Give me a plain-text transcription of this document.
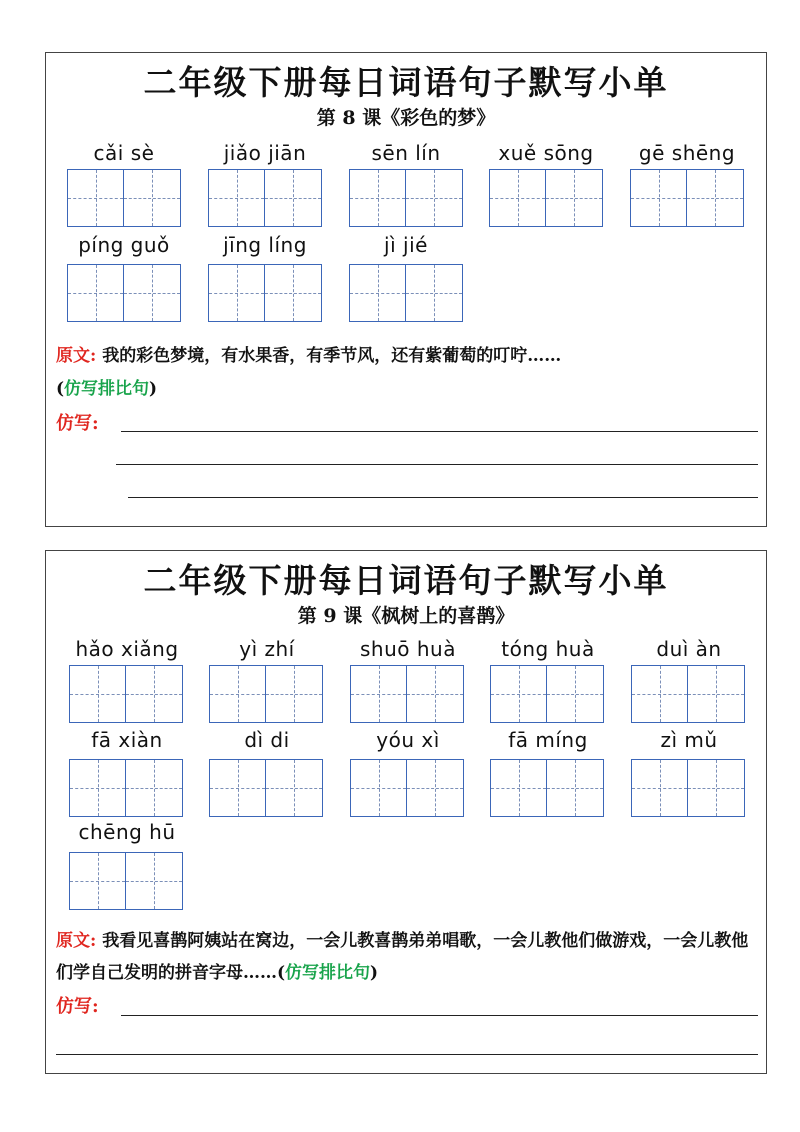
二年级下册每日词语句子默写小单
第 8 课《彩色的梦》
cǎi sè	jiǎo jiān	sēn lín	xuě sōng	gē shēng
píng guǒ	jīng líng	jì jié
原文: 我的彩色梦境，有水果香，有季节风，还有紫葡萄的叮咛……
(仿写排比句)
仿写:
二年级下册每日词语句子默写小单
第 9 课《枫树上的喜鹊》
hǎo xiǎng	yì zhí	shuō huà	tóng huà	duì àn
fā xiàn	dì di	yóu xì	fā míng	zì mǔ
chēng hū
原文: 我看见喜鹊阿姨站在窝边，一会儿教喜鹊弟弟唱歌，一会儿教他们做游戏，一会儿教他们学自己发明的拼音字母……(仿写排比句)
仿写:
